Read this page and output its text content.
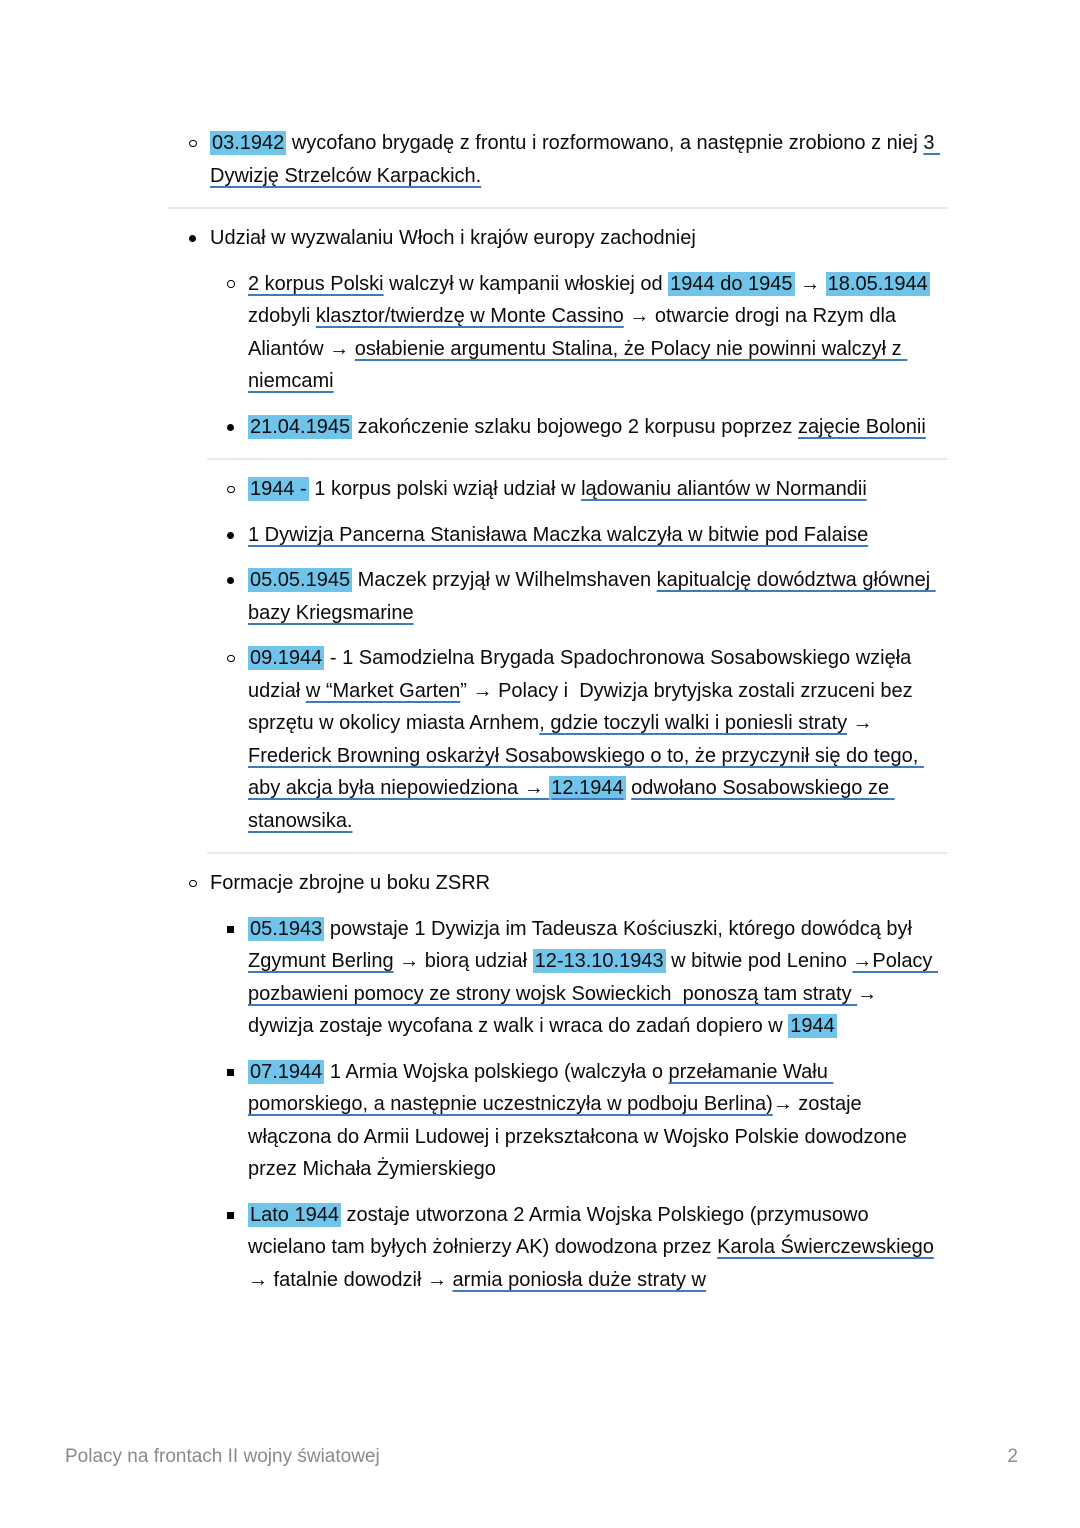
03.1942 wycofano brygadę z frontu i rozformowano, a następnie zrobiono z niej 3 Dywizję Strzelców Karpackich.
Udział w wyzwalaniu Włoch i krajów europy zachodniej
2 korpus Polski walczył w kampanii włoskiej od 1944 do 1945 → 18.05.1944 zdobyli klasztor/twierdzę w Monte Cassino → otwarcie drogi na Rzym dla Aliantów → osłabienie argumentu Stalina, że Polacy nie powinni walczył z niemcami
21.04.1945 zakończenie szlaku bojowego 2 korpusu poprzez zajęcie Bolonii
1944 - 1 korpus polski wziął udział w lądowaniu aliantów w Normandii
1 Dywizja Pancerna Stanisława Maczka walczyła w bitwie pod Falaise
05.05.1945 Maczek przyjął w Wilhelmshaven kapitualcję dowództwa głównej bazy Kriegsmarine
09.1944 - 1 Samodzielna Brygada Spadochronowa Sosabowskiego wzięła udział w “Market Garten” → Polacy i  Dywizja brytyjska zostali zrzuceni bez sprzętu w okolicy miasta Arnhem, gdzie toczyli walki i poniesli straty → Frederick Browning oskarżył Sosabowskiego o to, że przyczynił się do tego, aby akcja była niepowiedziona → 12.1944 odwołano Sosabowskiego ze stanowsika.
Formacje zbrojne u boku ZSRR
05.1943 powstaje 1 Dywizja im Tadeusza Kościuszki, którego dowódcą był Zgymunt Berling → biorą udział 12-13.10.1943 w bitwie pod Lenino →Polacy pozbawieni pomocy ze strony wojsk Sowieckich  ponoszą tam straty → dywizja zostaje wycofana z walk i wraca do zadań dopiero w 1944
07.1944 1 Armia Wojska polskiego (walczyła o przełamanie Wału pomorskiego, a następnie uczestniczyła w podboju Berlina)→ zostaje włączona do Armii Ludowej i przekształcona w Wojsko Polskie dowodzone przez Michała Żymierskiego
Lato 1944 zostaje utworzona 2 Armia Wojska Polskiego (przymusowo wcielano tam byłych żołnierzy AK) dowodzona przez Karola Świerczewskiego → fatalnie dowodził → armia poniosła duże straty w
Polacy na frontach II wojny światowej	2
